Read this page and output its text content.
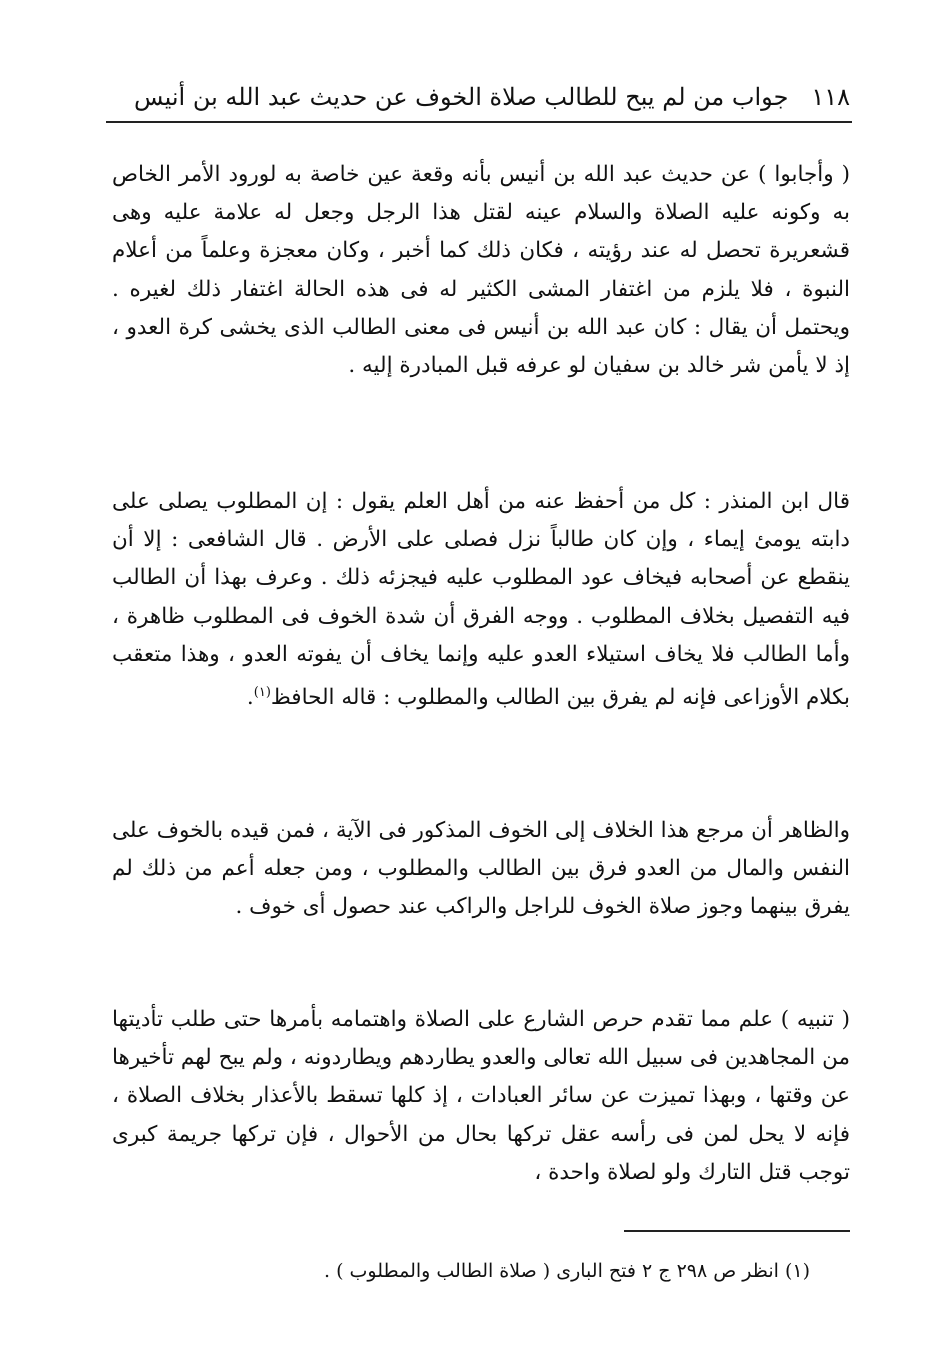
١١٨   جواب من لم يبح للطالب صلاة الخوف عن حديث عبد الله بن أنيس

( وأجابوا ) عن حديث عبد الله بن أنيس بأنه وقعة عين خاصة به لورود الأمر الخاص به وكونه عليه الصلاة والسلام عينه لقتل هذا الرجل وجعل له علامة عليه وهى قشعريرة تحصل له عند رؤيته ، فكان ذلك كما أخبر ، وكان معجزة وعلماً من أعلام النبوة ، فلا يلزم من اغتفار المشى الكثير له فى هذه الحالة اغتفار ذلك لغيره . ويحتمل أن يقال : كان عبد الله بن أنيس فى معنى الطالب الذى يخشى كرة العدو ، إذ لا يأمن شر خالد بن سفيان لو عرفه قبل المبادرة إليه .

قال ابن المنذر : كل من أحفظ عنه من أهل العلم يقول : إن المطلوب يصلى على دابته يومئ إيماء ، وإن كان طالباً نزل فصلى على الأرض . قال الشافعى : إلا أن ينقطع عن أصحابه فيخاف عود المطلوب عليه فيجزئه ذلك . وعرف بهذا أن الطالب فيه التفصيل بخلاف المطلوب . ووجه الفرق أن شدة الخوف فى المطلوب ظاهرة ، وأما الطالب فلا يخاف استيلاء العدو عليه وإنما يخاف أن يفوته العدو ، وهذا متعقب بكلام الأوزاعى فإنه لم يفرق بين الطالب والمطلوب : قاله الحافظ$^{(١)}$.

والظاهر أن مرجع هذا الخلاف إلى الخوف المذكور فى الآية ، فمن قيده بالخوف على النفس والمال من العدو فرق بين الطالب والمطلوب ، ومن جعله أعم من ذلك لم يفرق بينهما وجوز صلاة الخوف للراجل والراكب عند حصول أى خوف .

( تنبيه ) علم مما تقدم حرص الشارع على الصلاة واهتمامه بأمرها حتى طلب تأديتها من المجاهدين فى سبيل الله تعالى والعدو يطاردهم ويطاردونه ، ولم يبح لهم تأخيرها عن وقتها ، وبهذا تميزت عن سائر العبادات ، إذ كلها تسقط بالأعذار بخلاف الصلاة ، فإنه لا يحل لمن فى رأسه عقل تركها بحال من الأحوال ، فإن تركها جريمة كبرى توجب قتل التارك ولو لصلاة واحدة ،

(١) انظر ص ٢٩٨ ج ٢ فتح البارى ( صلاة الطالب والمطلوب ) .
